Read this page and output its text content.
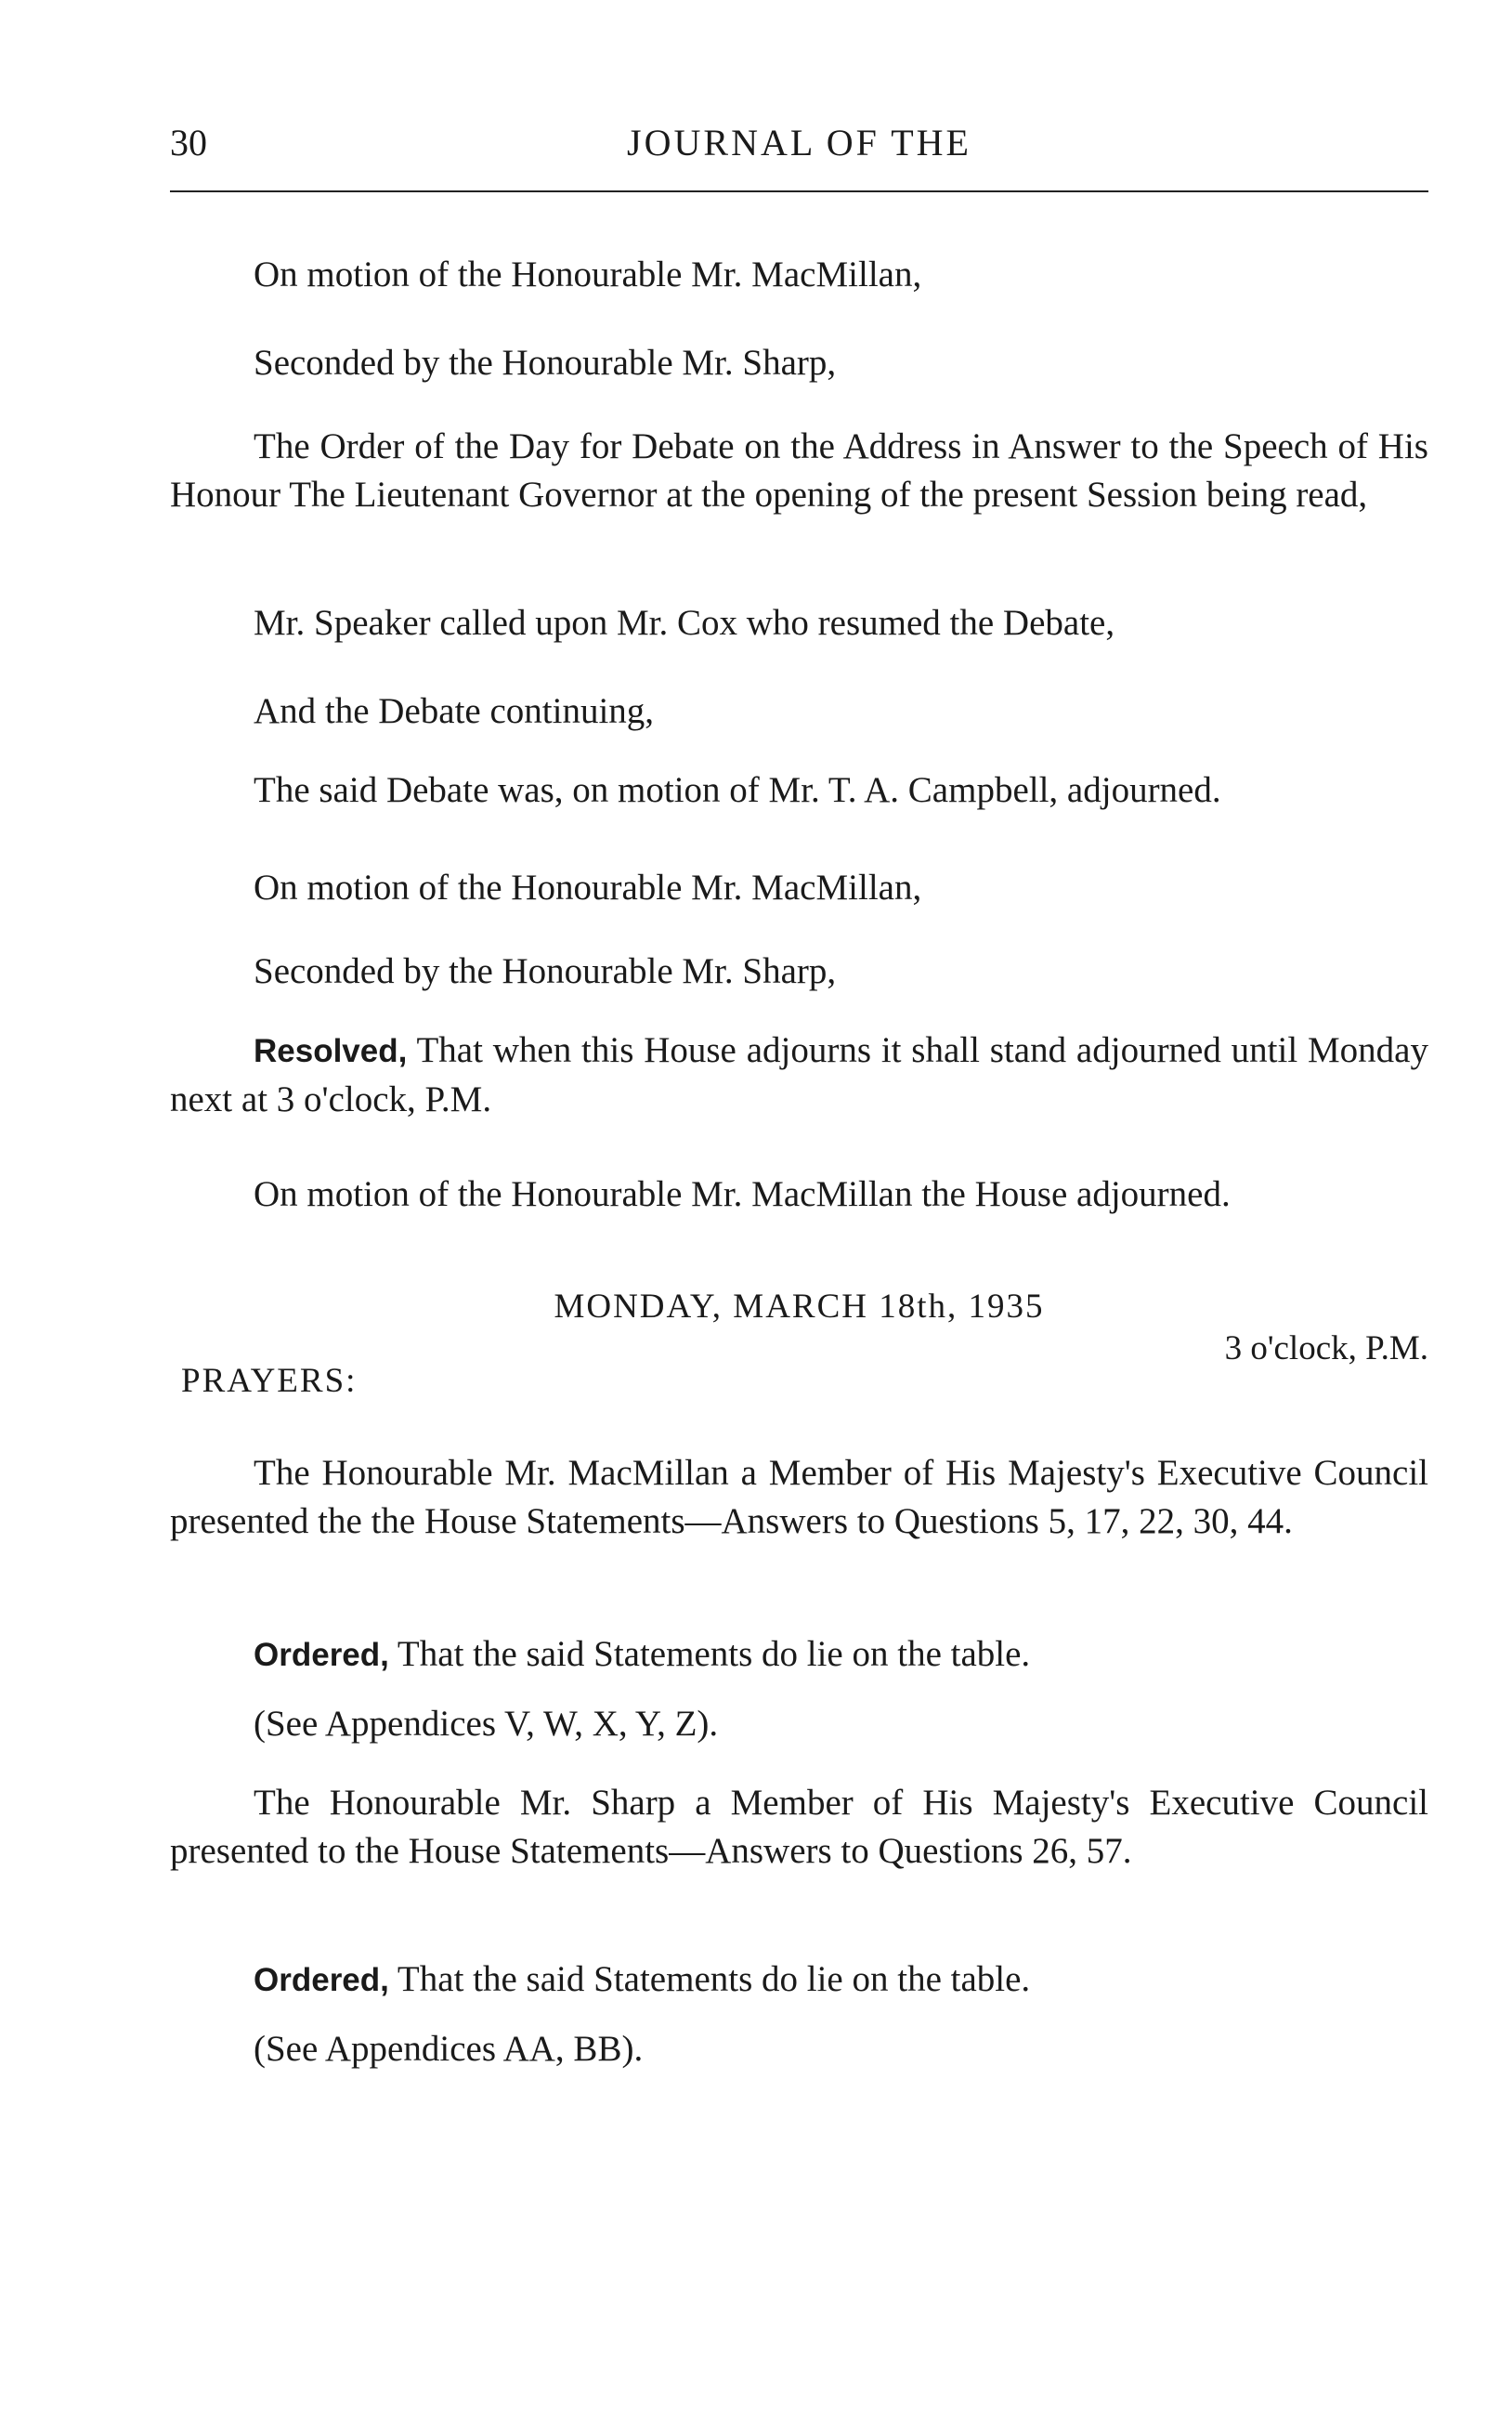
30	JOURNAL OF THE
On motion of the Honourable Mr. MacMillan,
Seconded by the Honourable Mr. Sharp,
The Order of the Day for Debate on the Address in Answer to the Speech of His Honour The Lieutenant Governor at the opening of the present Session being read,
Mr. Speaker called upon Mr. Cox who resumed the Debate,
And the Debate continuing,
The said Debate was, on motion of Mr. T. A. Campbell, adjourned.
On motion of the Honourable Mr. MacMillan,
Seconded by the Honourable Mr. Sharp,
Resolved, That when this House adjourns it shall stand adjourned until Monday next at 3 o'clock, P.M.
On motion of the Honourable Mr. MacMillan the House adjourned.
MONDAY, MARCH 18th, 1935
3 o'clock, P.M.
PRAYERS:
The Honourable Mr. MacMillan a Member of His Majesty's Executive Council presented the the House Statements—Answers to Questions 5, 17, 22, 30, 44.
Ordered, That the said Statements do lie on the table.
(See Appendices V, W, X, Y, Z).
The Honourable Mr. Sharp a Member of His Majesty's Executive Council presented to the House Statements—Answers to Questions 26, 57.
Ordered, That the said Statements do lie on the table.
(See Appendices AA, BB).
